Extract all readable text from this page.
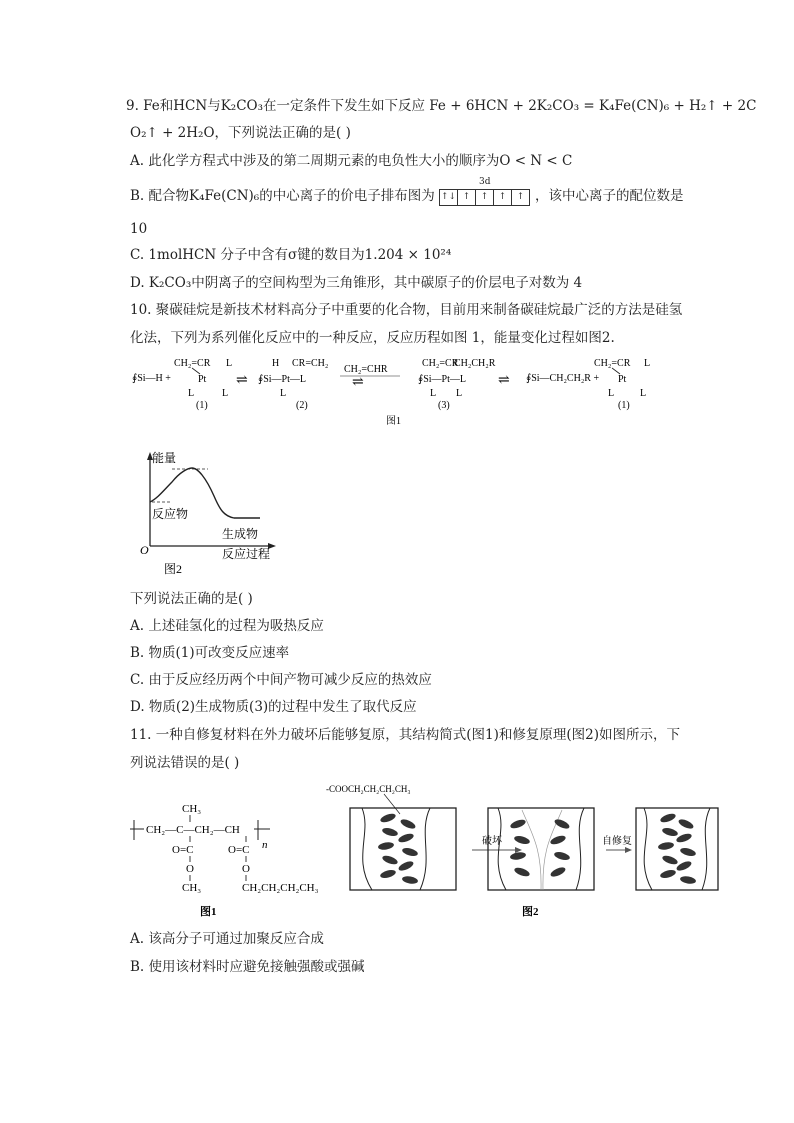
9. Fe和HCN与K₂CO₃在一定条件下发生如下反应 Fe + 6HCN + 2K₂CO₃ = K₄Fe(CN)₆ + H₂↑ + 2C
O₂↑ + 2H₂O，下列说法正确的是( )
A. 此化学方程式中涉及的第二周期元素的电负性大小的顺序为O < N < C
B. 配合物K₄Fe(CN)₆的中心离子的价电子排布图为
3d
↑↓ ↑	↑	↑	↑ ，该中心离子的配位数是
10
C. 1molHCN 分子中含有σ键的数目为1.204 × 10²⁴
D. K₂CO₃中阴离子的空间构型为三角锥形，其中碳原子的价层电子对数为 4
10. 聚碳硅烷是新技术材料高分子中重要的化合物，目前用来制备碳硅烷最广泛的方法是硅氢
化法，下列为系列催化反应中的一种反应，反应历程如图 1，能量变化过程如图2.
∮Si—H +
CH₂=CR
Pt
L
L	L
(1)
⇌
H CR=CH₂
∮Si—Pt—L
L
(2)
CH₂=CHR
⇌
CH₂=CR
CH₂CH₂R
∮Si—Pt—L
L L
(3)
⇌ ∮Si—CH₂CH₂R +
CH₂=CR
Pt
L
L	L
(1)
图1
能量
反应物
生成物
O	反应过程
图2
下列说法正确的是( )
A. 上述硅氢化的过程为吸热反应
B. 物质(1)可改变反应速率
C. 由于反应经历两个中间产物可减少反应的热效应
D. 物质(2)生成物质(3)的过程中发生了取代反应
11. 一种自修复材料在外力破坏后能够复原，其结构简式(图1)和修复原理(图2)如图所示，下
列说法错误的是( )
CH₃
CH₂—C—CH₂—CH
n
O=C	O=C
O	O
CH₃	CH₂CH₂CH₂CH₃
图1
-COOCH₂CH₂CH₂CH₃
破坏	自修复
图2
A. 该高分子可通过加聚反应合成
B. 使用该材料时应避免接触强酸或强碱
